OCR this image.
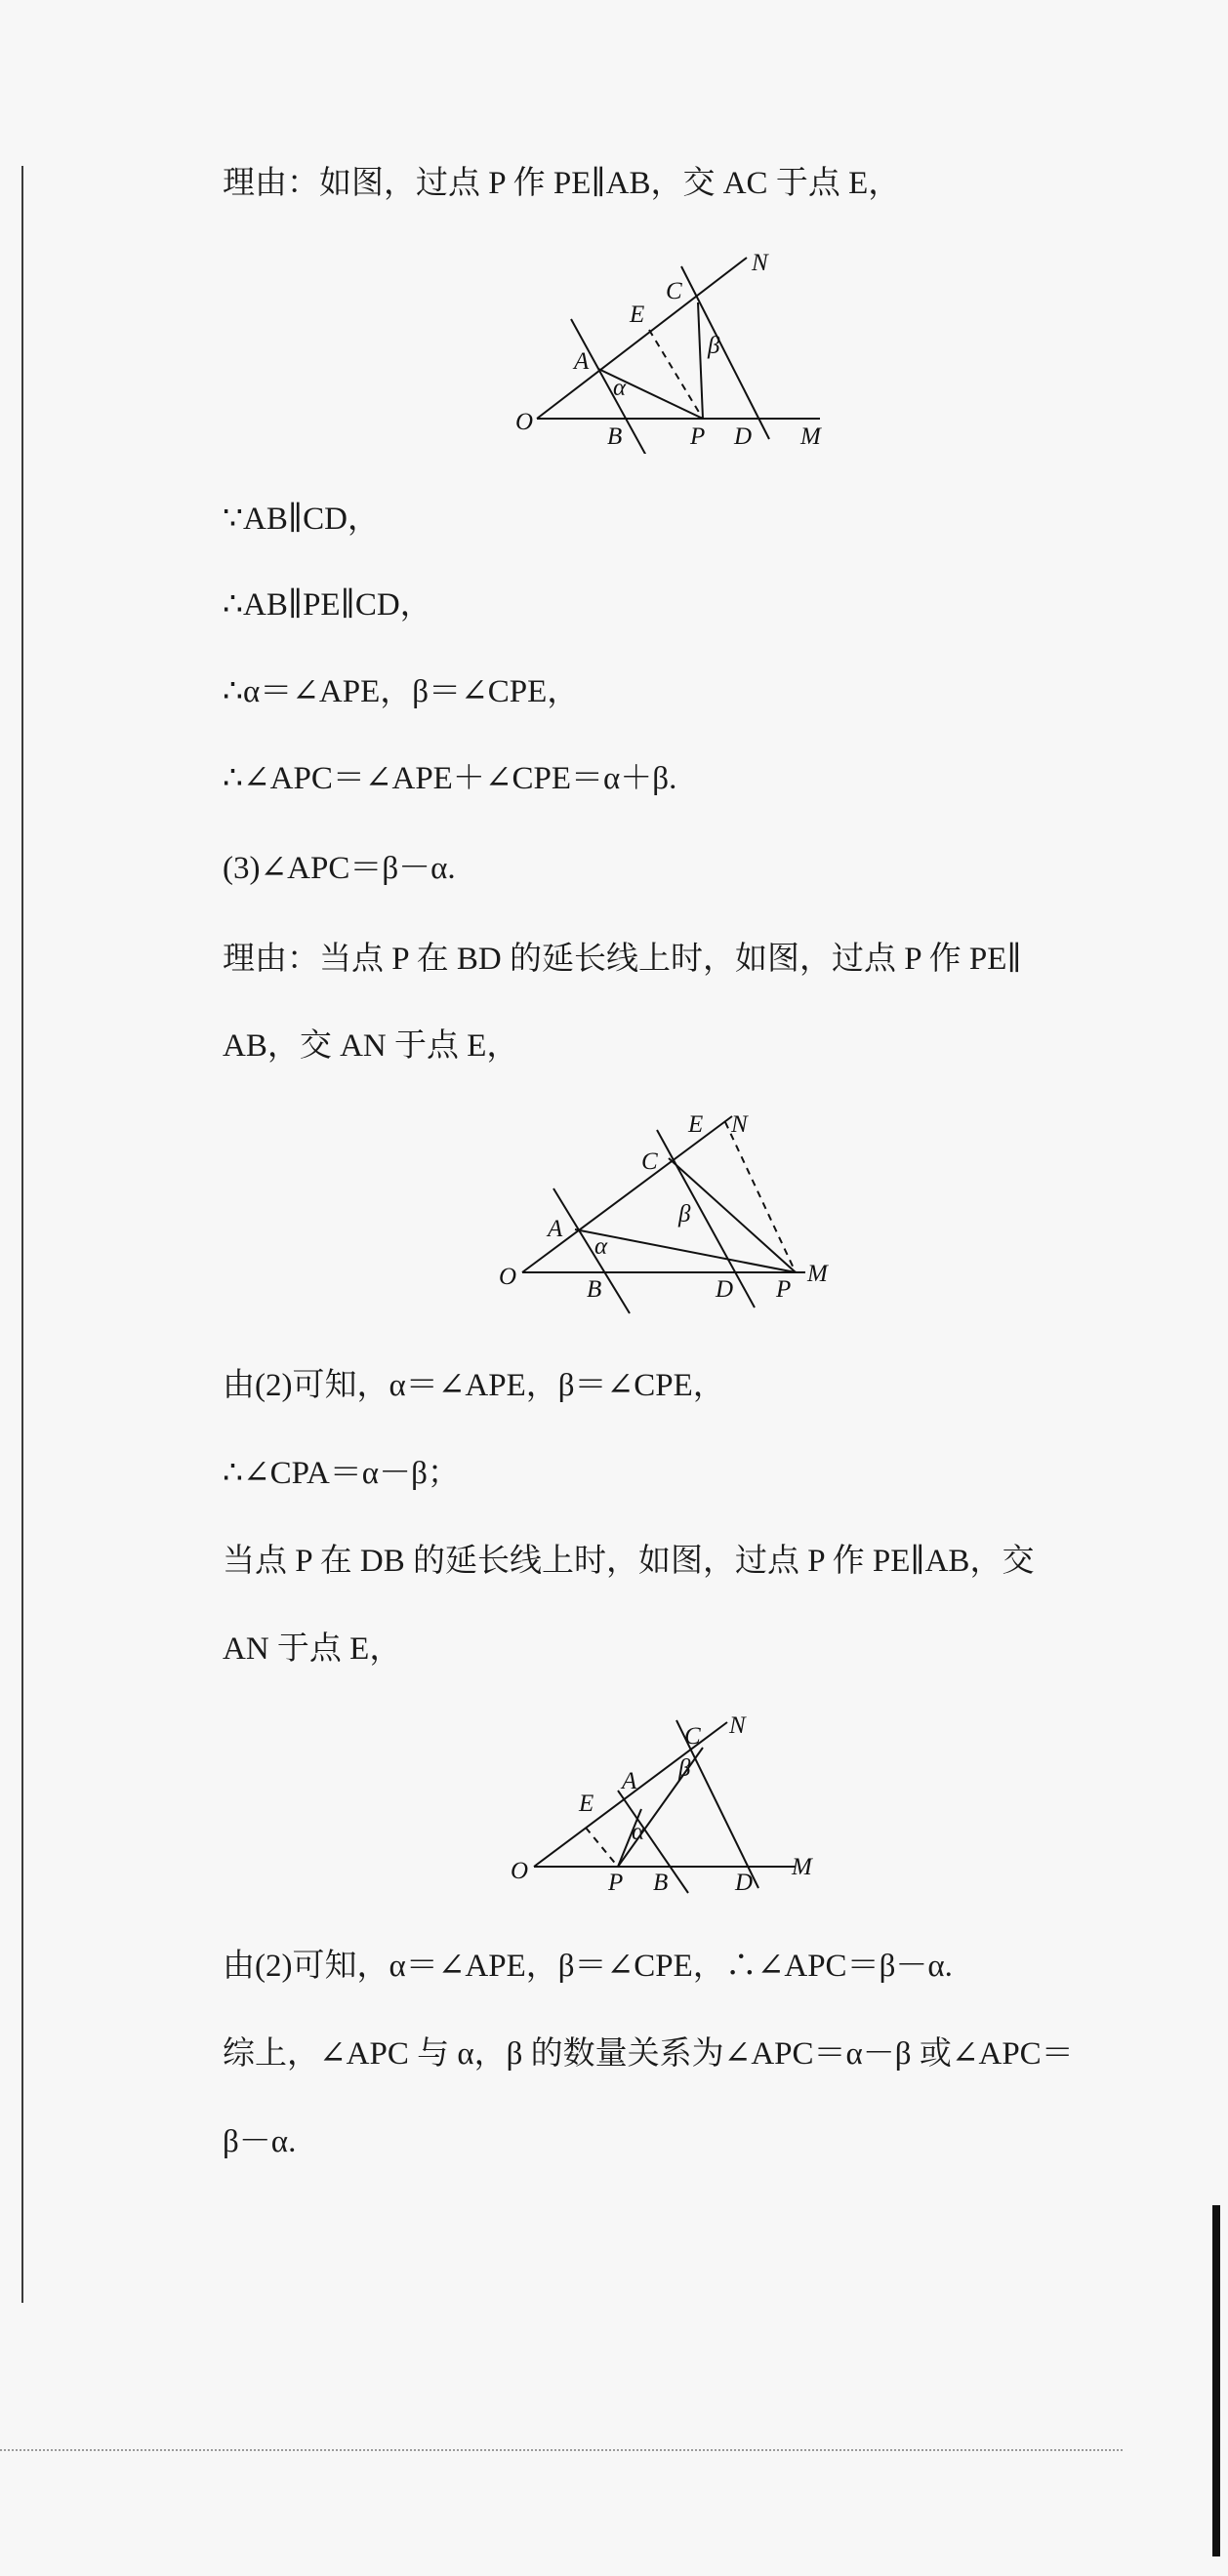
理由：如图，过点 P 作 PE∥AB，交 AC 于点 E，
O
A
B
C
D
E
P	M
N
α
β
∵AB∥CD，
∴AB∥PE∥CD，
∴α＝∠APE，β＝∠CPE，
∴∠APC＝∠APE＋∠CPE＝α＋β.
(3)∠APC＝β－α.
理由：当点 P 在 BD 的延长线上时，如图，过点 P 作 PE∥
AB，交 AN 于点 E，
O
A
B
C
D
E
P
M
N
α
β
由(2)可知，α＝∠APE，β＝∠CPE，
∴∠CPA＝α－β；
当点 P 在 DB 的延长线上时，如图，过点 P 作 PE∥AB，交
AN 于点 E，
O
A
B
C
D
E
P
M
N
α
β
由(2)可知，α＝∠APE，β＝∠CPE，∴∠APC＝β－α.
综上，∠APC 与 α，β 的数量关系为∠APC＝α－β 或∠APC＝
β－α.
